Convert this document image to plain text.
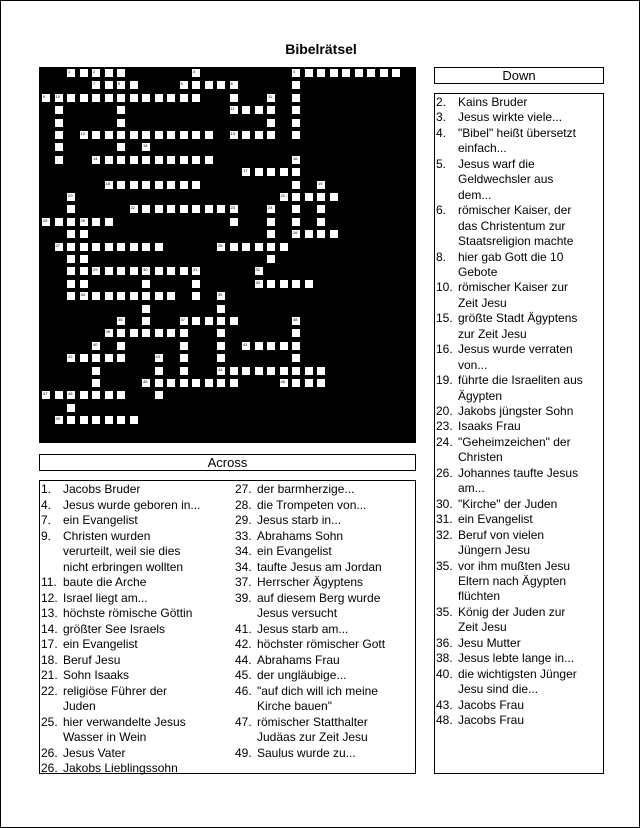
Bibelrätsel
1	2
7
3	4
5	6	6
11
9	10	11
12	13
14
16
16
17
18	19
20	21
22	23	24
25	26
26
27	28
29	30	31	32
33
34	35
44
37
36	38
39
40	41
42	43
45	46
47	48
49
Down
2. Kains Bruder
3. Jesus wirkte viele...
4. "Bibel" heißt übersetzt
einfach...
5. Jesus warf die
Geldwechsler aus
dem...
6. römischer Kaiser, der
das Christentum zur
Staatsreligion machte
8. hier gab Gott die 10
Gebote
10. römischer Kaiser zur
Zeit Jesu
15. größte Stadt Ägyptens
zur Zeit Jesu
16. Jesus wurde verraten
von...
19. führte die Israeliten aus
Ägypten
20. Jakobs jüngster Sohn
23. Isaaks Frau
24. "Geheimzeichen" der
Christen
26. Johannes taufte Jesus
am...
30. "Kirche" der Juden
31. ein Evangelist
32. Beruf von vielen
Jüngern Jesu
35. vor ihm mußten Jesu
Eltern nach Ägypten
flüchten
35. König der Juden zur
Zeit Jesu
36. Jesu Mutter
38. Jesus lebte lange in...
40. die wichtigsten Jünger
Jesu sind die...
43. Jacobs Frau
48. Jacobs Frau
Across
1. Jacobs Bruder
4. Jesus wurde geboren in...
7. ein Evangelist
9. Christen wurden
verurteilt, weil sie dies
nicht erbringen wollten
11. baute die Arche
12. Israel liegt am...
13. höchste römische Göttin
14. größter See Israels
17. ein Evangelist
18. Beruf Jesu
21. Sohn Isaaks
22. religiöse Führer der
Juden
25. hier verwandelte Jesus
Wasser in Wein
26. Jesus Vater
26. Jakobs Lieblingssohn
27. der barmherzige...
28. die Trompeten von...
29. Jesus starb in...
33. Abrahams Sohn
34. ein Evangelist
34. taufte Jesus am Jordan
37. Herrscher Ägyptens
39. auf diesem Berg wurde
Jesus versucht
41. Jesus starb am...
42. höchster römischer Gott
44. Abrahams Frau
45. der ungläubige...
46. "auf dich will ich meine
Kirche bauen"
47. römischer Statthalter
Judäas zur Zeit Jesu
49. Saulus wurde zu...
